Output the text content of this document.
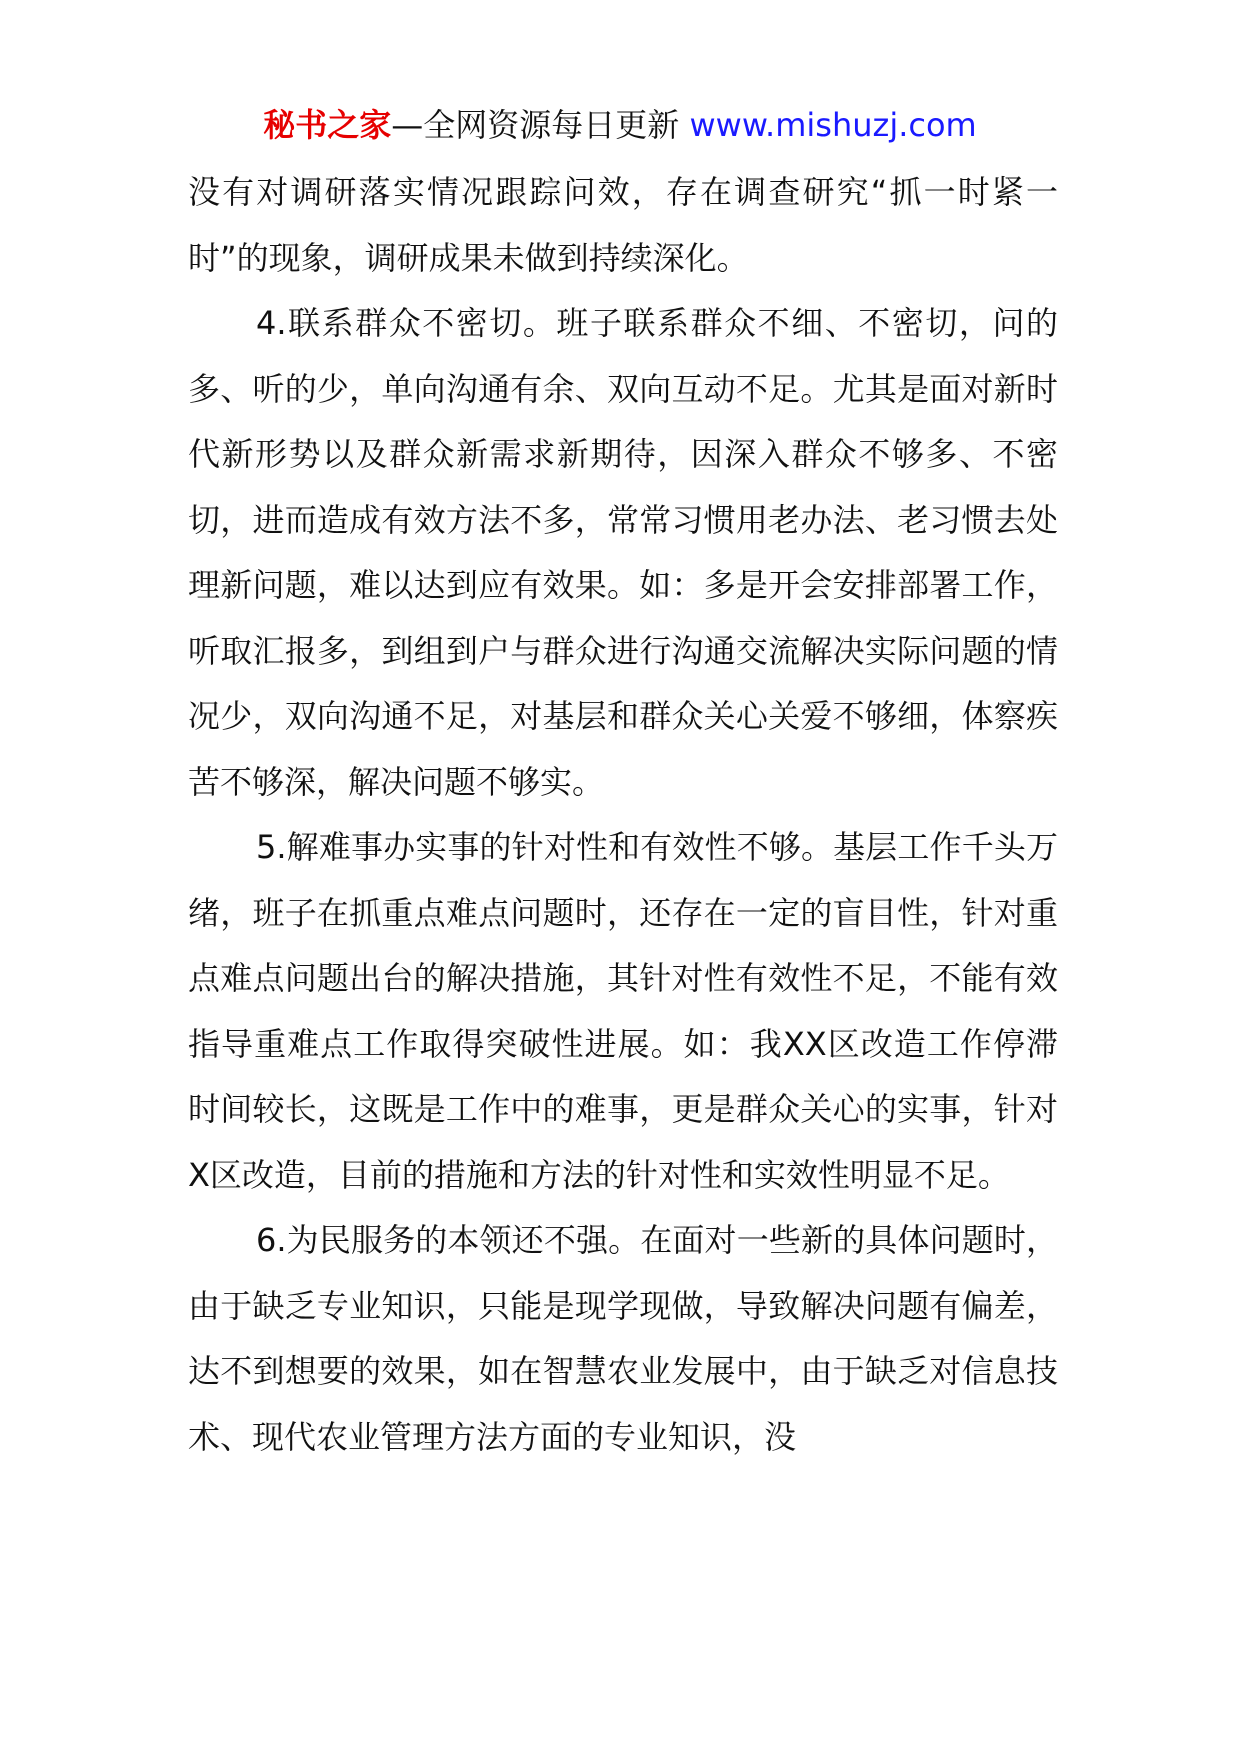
秘书之家—全网资源每日更新 www.mishuzj.com

没有对调研落实情况跟踪问效，存在调查研究“抓一时紧一时”的现象，调研成果未做到持续深化。

4.联系群众不密切。班子联系群众不细、不密切，问的多、听的少，单向沟通有余、双向互动不足。尤其是面对新时代新形势以及群众新需求新期待，因深入群众不够多、不密切，进而造成有效方法不多，常常习惯用老办法、老习惯去处理新问题，难以达到应有效果。如：多是开会安排部署工作，听取汇报多，到组到户与群众进行沟通交流解决实际问题的情况少，双向沟通不足，对基层和群众关心关爱不够细，体察疾苦不够深，解决问题不够实。

5.解难事办实事的针对性和有效性不够。基层工作千头万绪，班子在抓重点难点问题时，还存在一定的盲目性，针对重点难点问题出台的解决措施，其针对性有效性不足，不能有效指导重难点工作取得突破性进展。如：我XX区改造工作停滞时间较长，这既是工作中的难事，更是群众关心的实事，针对X区改造，目前的措施和方法的针对性和实效性明显不足。

6.为民服务的本领还不强。在面对一些新的具体问题时，由于缺乏专业知识，只能是现学现做，导致解决问题有偏差，达不到想要的效果，如在智慧农业发展中，由于缺乏对信息技术、现代农业管理方法方面的专业知识，没
